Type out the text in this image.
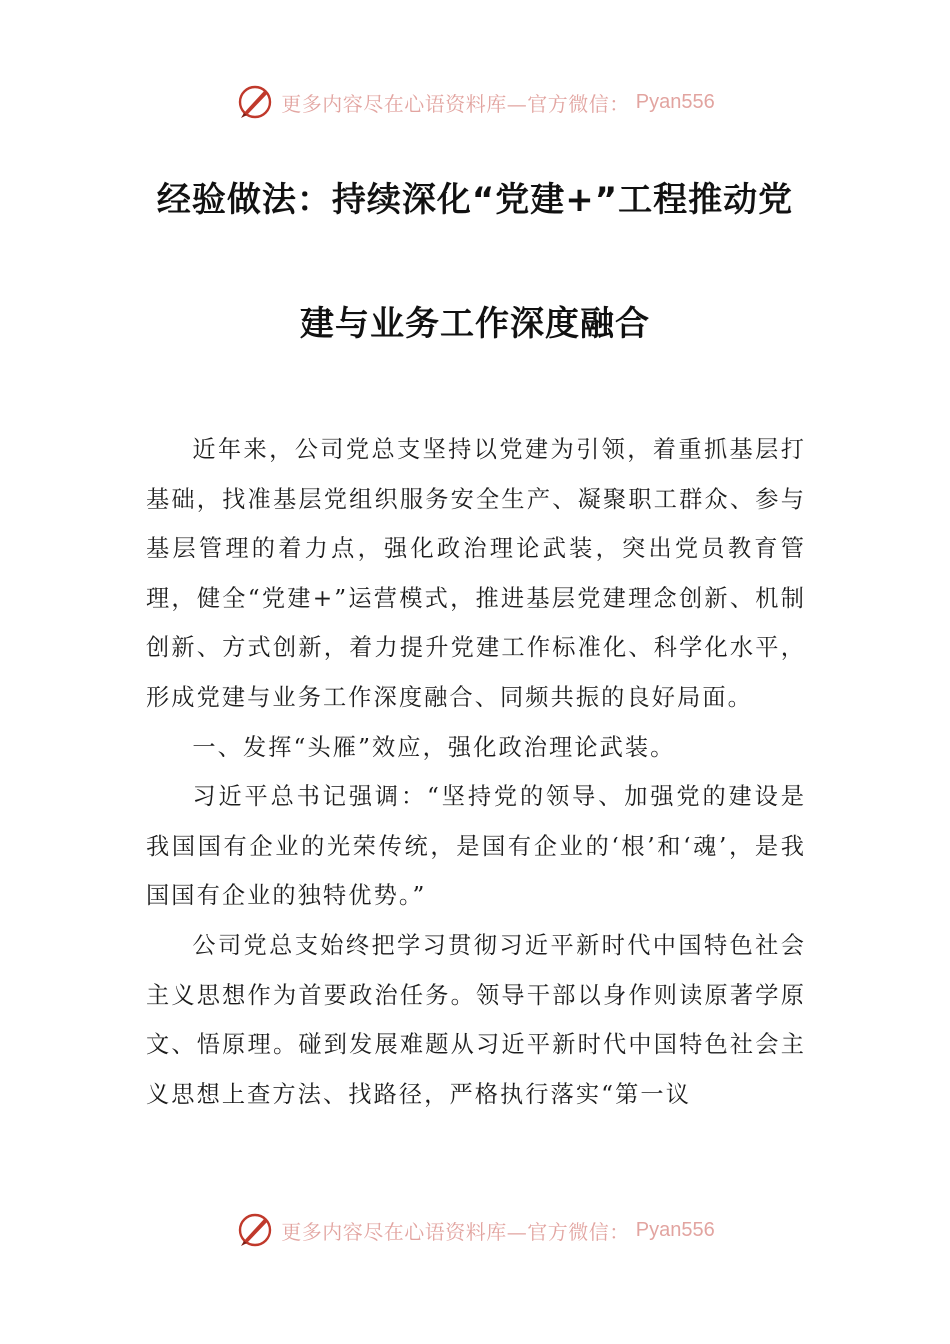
更多内容尽在心语资料库—官方微信： Pyan556
经验做法：持续深化“党建+”工程推动党
建与业务工作深度融合

近年来，公司党总支坚持以党建为引领，着重抓基层打基础，找准基层党组织服务安全生产、凝聚职工群众、参与基层管理的着力点，强化政治理论武装，突出党员教育管理，健全“党建+”运营模式，推进基层党建理念创新、机制创新、方式创新，着力提升党建工作标准化、科学化水平，形成党建与业务工作深度融合、同频共振的良好局面。

一、发挥“头雁”效应，强化政治理论武装。

习近平总书记强调：“坚持党的领导、加强党的建设是我国国有企业的光荣传统，是国有企业的‘根’和‘魂’，是我国国有企业的独特优势。”

公司党总支始终把学习贯彻习近平新时代中国特色社会主义思想作为首要政治任务。领导干部以身作则读原著学原文、悟原理。碰到发展难题从习近平新时代中国特色社会主义思想上查方法、找路径，严格执行落实“第一议

更多内容尽在心语资料库—官方微信： Pyan556
